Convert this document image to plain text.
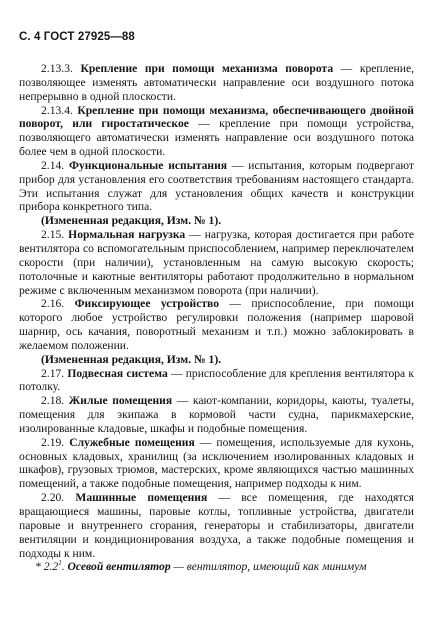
С. 4 ГОСТ 27925—88

2.13.3. Крепление при помощи механизма поворота — крепление, позволяющее изменять автоматически направление оси воздушного потока непрерывно в одной плоскости.

2.13.4. Крепление при помощи механизма, обеспечивающего двойной поворот, или гиростатическое — крепление при помощи устройства, позволяющего автоматически изменять направление оси воздушного потока более чем в одной плоскости.

2.14. Функциональные испытания — испытания, которым подвергают прибор для установления его соответствия требованиям настоящего стандарта. Эти испытания служат для установления общих качеств и конструкции прибора конкретного типа.

(Измененная редакция, Изм. № 1).

2.15. Нормальная нагрузка — нагрузка, которая достигается при работе вентилятора со вспомогательным приспособлением, например переключателем скорости (при наличии), установленным на самую высокую скорость; потолочные и каютные вентиляторы работают продолжительно в нормальном режиме с включенным механизмом поворота (при наличии).

2.16. Фиксирующее устройство — приспособление, при помощи которого любое устройство регулировки положения (например шаровой шарнир, ось качания, поворотный механизм и т.п.) можно заблокировать в желаемом положении.

(Измененная редакция, Изм. № 1).

2.17. Подвесная система — приспособление для крепления вентилятора к потолку.

2.18. Жилые помещения — кают-компании, коридоры, каюты, туалеты, помещения для экипажа в кормовой части судна, парикмахерские, изолированные кладовые, шкафы и подобные помещения.

2.19. Служебные помещения — помещения, используемые для кухонь, основных кладовых, хранилищ (за исключением изолированных кладовых и шкафов), грузовых трюмов, мастерских, кроме являющихся частью машинных помещений, а также подобные помещения, например подходы к ним.

2.20. Машинные помещения — все помещения, где находятся вращающиеся машины, паровые котлы, топливные устройства, двигатели паровые и внутреннего сгорания, генераторы и стабилизаторы, двигатели вентиляции и кондиционирования воздуха, а также подобные помещения и подходы к ним.

* $2.2^1$. Осевой вентилятор — вентилятор, имеющий как минимум
